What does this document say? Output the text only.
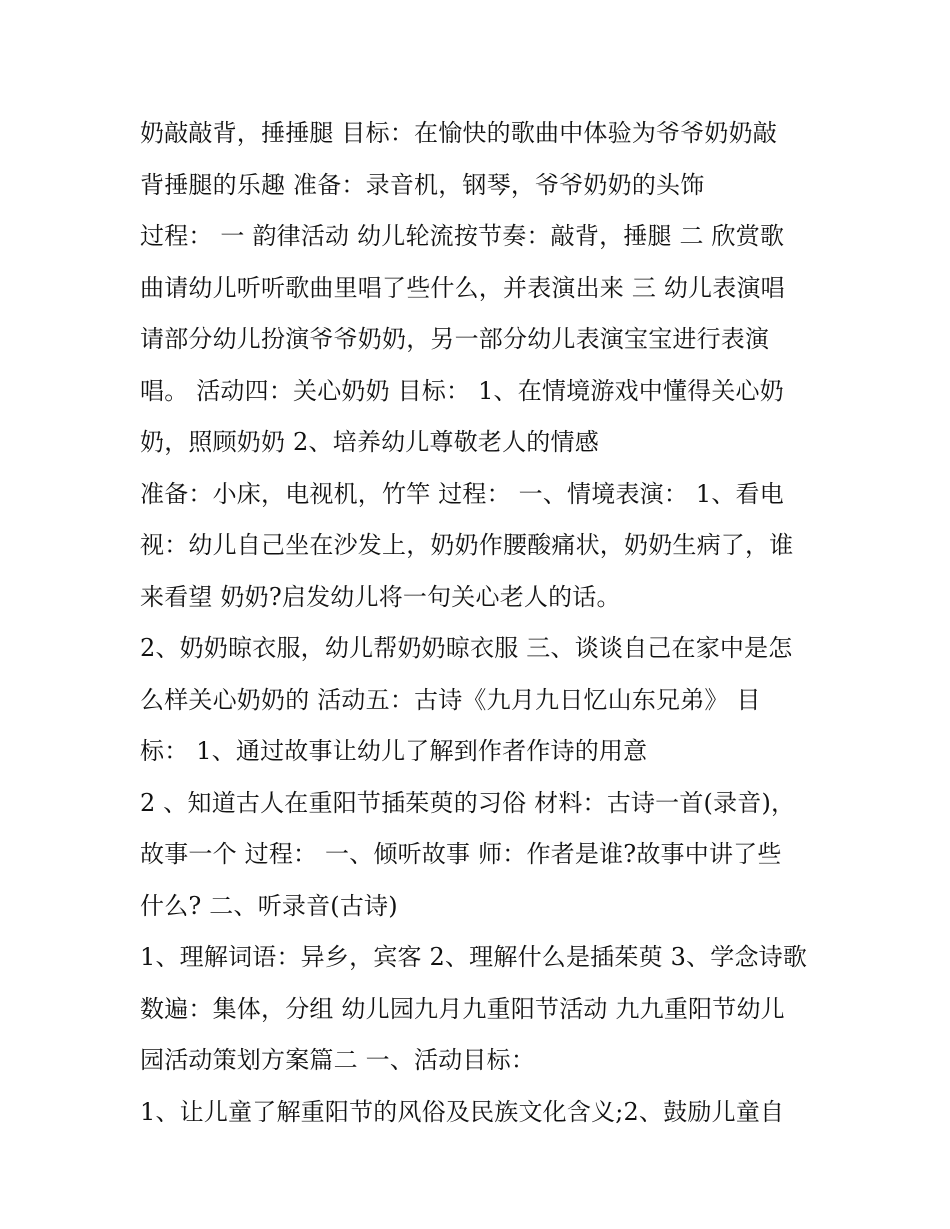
奶敲敲背，捶捶腿 目标：在愉快的歌曲中体验为爷爷奶奶敲
背捶腿的乐趣 准备：录音机，钢琴，爷爷奶奶的头饰
过程： 一 韵律活动 幼儿轮流按节奏：敲背，捶腿 二 欣赏歌
曲请幼儿听听歌曲里唱了些什么，并表演出来 三 幼儿表演唱
请部分幼儿扮演爷爷奶奶，另一部分幼儿表演宝宝进行表演
唱。 活动四：关心奶奶 目标： 1、在情境游戏中懂得关心奶
奶，照顾奶奶 2、培养幼儿尊敬老人的情感
准备：小床，电视机，竹竿 过程： 一、情境表演： 1、看电
视：幼儿自己坐在沙发上，奶奶作腰酸痛状，奶奶生病了，谁
来看望 奶奶?启发幼儿将一句关心老人的话。
2、奶奶晾衣服，幼儿帮奶奶晾衣服 三、谈谈自己在家中是怎
么样关心奶奶的 活动五：古诗《九月九日忆山东兄弟》 目
标： 1、通过故事让幼儿了解到作者作诗的用意
2 、知道古人在重阳节插茱萸的习俗 材料：古诗一首(录音)，
故事一个 过程： 一、倾听故事 师：作者是谁?故事中讲了些
什么? 二、听录音(古诗)
1、理解词语：异乡，宾客 2、理解什么是插茱萸 3、学念诗歌
数遍：集体，分组 幼儿园九月九重阳节活动 九九重阳节幼儿
园活动策划方案篇二 一、活动目标：
1、让儿童了解重阳节的风俗及民族文化含义;2、鼓励儿童自
